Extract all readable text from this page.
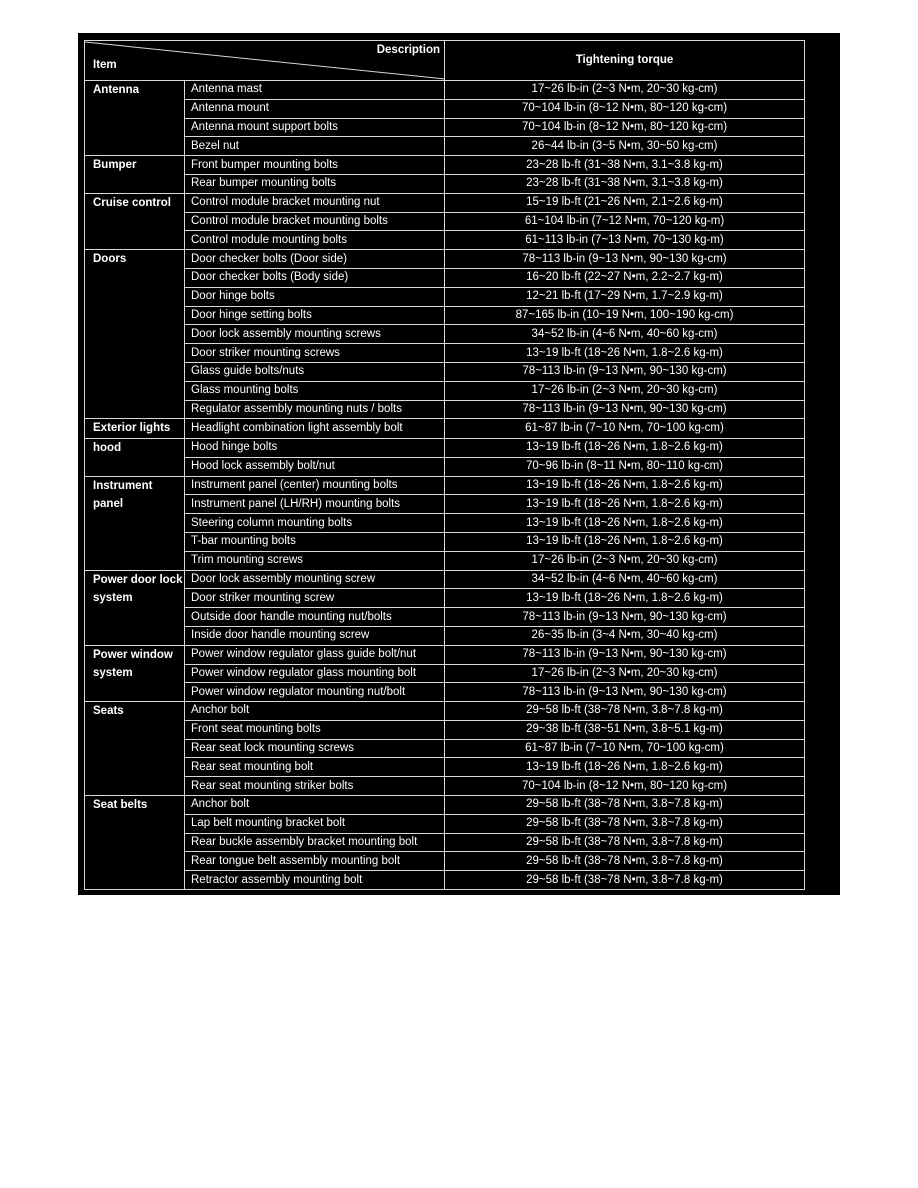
Description
Item		Tightening torque
Antenna	Antenna mast	17~26 lb-in (2~3 N•m, 20~30 kg-cm)
	Antenna mount	70~104 lb-in (8~12 N•m, 80~120 kg-cm)
	Antenna mount support bolts	70~104 lb-in (8~12 N•m, 80~120 kg-cm)
	Bezel nut	26~44 lb-in (3~5 N•m, 30~50 kg-cm)
Bumper	Front bumper mounting bolts	23~28 lb-ft (31~38 N•m, 3.1~3.8 kg-m)
	Rear bumper mounting bolts	23~28 lb-ft (31~38 N•m, 3.1~3.8 kg-m)
Cruise control	Control module bracket mounting nut	15~19 lb-ft (21~26 N•m, 2.1~2.6 kg-m)
	Control module bracket mounting bolts	61~104 lb-in (7~12 N•m, 70~120 kg-m)
	Control module mounting bolts	61~113 lb-in (7~13 N•m, 70~130 kg-m)
Doors	Door checker bolts (Door side)	78~113 lb-in (9~13 N•m, 90~130 kg-cm)
	Door checker bolts (Body side)	16~20 lb-ft (22~27 N•m, 2.2~2.7 kg-m)
	Door hinge bolts	12~21 lb-ft (17~29 N•m, 1.7~2.9 kg-m)
	Door hinge setting bolts	87~165 lb-in (10~19 N•m, 100~190 kg-cm)
	Door lock assembly mounting screws	34~52 lb-in (4~6 N•m, 40~60 kg-cm)
	Door striker mounting screws	13~19 lb-ft (18~26 N•m, 1.8~2.6 kg-m)
	Glass guide bolts/nuts	78~113 lb-in (9~13 N•m, 90~130 kg-cm)
	Glass mounting bolts	17~26 lb-in (2~3 N•m, 20~30 kg-cm)
	Regulator assembly mounting nuts / bolts	78~113 lb-in (9~13 N•m, 90~130 kg-cm)
Exterior lights	Headlight combination light assembly bolt	61~87 lb-in (7~10 N•m, 70~100 kg-cm)
hood	Hood hinge bolts	13~19 lb-ft (18~26 N•m, 1.8~2.6 kg-m)
	Hood lock assembly bolt/nut	70~96 lb-in (8~11 N•m, 80~110 kg-cm)
Instrument panel	Instrument panel (center) mounting bolts	13~19 lb-ft (18~26 N•m, 1.8~2.6 kg-m)
	Instrument panel (LH/RH) mounting bolts	13~19 lb-ft (18~26 N•m, 1.8~2.6 kg-m)
	Steering column mounting bolts	13~19 lb-ft (18~26 N•m, 1.8~2.6 kg-m)
	T-bar mounting bolts	13~19 lb-ft (18~26 N•m, 1.8~2.6 kg-m)
	Trim mounting screws	17~26 lb-in (2~3 N•m, 20~30 kg-cm)
Power door lock system	Door lock assembly mounting screw	34~52 lb-in (4~6 N•m, 40~60 kg-cm)
	Door striker mounting screw	13~19 lb-ft (18~26 N•m, 1.8~2.6 kg-m)
	Outside door handle mounting nut/bolts	78~113 lb-in (9~13 N•m, 90~130 kg-cm)
	Inside door handle mounting screw	26~35 lb-in (3~4 N•m, 30~40 kg-cm)
Power window system	Power window regulator glass guide bolt/nut	78~113 lb-in (9~13 N•m, 90~130 kg-cm)
	Power window regulator glass mounting bolt	17~26 lb-in (2~3 N•m, 20~30 kg-cm)
	Power window regulator mounting nut/bolt	78~113 lb-in (9~13 N•m, 90~130 kg-cm)
Seats	Anchor bolt	29~58 lb-ft (38~78 N•m, 3.8~7.8 kg-m)
	Front seat mounting bolts	29~38 lb-ft (38~51 N•m, 3.8~5.1 kg-m)
	Rear seat lock mounting screws	61~87 lb-in (7~10 N•m, 70~100 kg-cm)
	Rear seat mounting bolt	13~19 lb-ft (18~26 N•m, 1.8~2.6 kg-m)
	Rear seat mounting striker bolts	70~104 lb-in (8~12 N•m, 80~120 kg-cm)
Seat belts	Anchor bolt	29~58 lb-ft (38~78 N•m, 3.8~7.8 kg-m)
	Lap belt mounting bracket bolt	29~58 lb-ft (38~78 N•m, 3.8~7.8 kg-m)
	Rear buckle assembly bracket mounting bolt	29~58 lb-ft (38~78 N•m, 3.8~7.8 kg-m)
	Rear tongue belt assembly mounting bolt	29~58 lb-ft (38~78 N•m, 3.8~7.8 kg-m)
	Retractor assembly mounting bolt	29~58 lb-ft (38~78 N•m, 3.8~7.8 kg-m)
